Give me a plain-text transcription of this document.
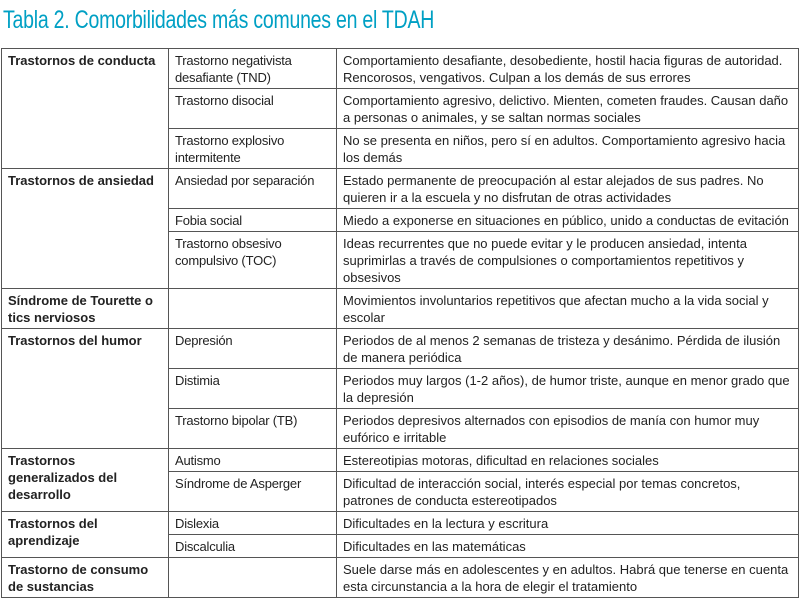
Tabla 2. Comorbilidades más comunes en el TDAH
Trastornos de conducta	Trastorno negativista desafiante (TND)	Comportamiento desafiante, desobediente, hostil hacia figuras de autoridad. Rencorosos, vengativos. Culpan a los demás de sus errores

	Trastorno disocial	Comportamiento agresivo, delictivo. Mienten, cometen fraudes. Causan daño a personas o animales, y se saltan normas sociales

	Trastorno explosivo intermitente	No se presenta en niños, pero sí en adultos. Comportamiento agresivo hacia los demás
Trastornos de ansiedad	Ansiedad por separación	Estado permanente de preocupación al estar alejados de sus padres. No quieren ir a la escuela y no disfrutan de otras actividades

	Fobia social	Miedo a exponerse en situaciones en público, unido a conductas de evitación

	Trastorno obsesivo compulsivo (TOC)	Ideas recurrentes que no puede evitar y le producen ansiedad, intenta suprimirlas a través de compulsiones o comportamientos repetitivos y obsesivos
Síndrome de Tourette o tics nerviosos		Movimientos involuntarios repetitivos que afectan mucho a la vida social y escolar
Trastornos del humor	Depresión	Periodos de al menos 2 semanas de tristeza y desánimo. Pérdida de ilusión de manera periódica

	Distimia	Periodos muy largos (1-2 años), de humor triste, aunque en menor grado que la depresión

	Trastorno bipolar (TB)	Periodos depresivos alternados con episodios de manía con humor muy eufórico e irritable
Trastornos generalizados del desarrollo	Autismo	Estereotipias motoras, dificultad en relaciones sociales

	Síndrome de Asperger	Dificultad de interacción social, interés especial por temas concretos, patrones de conducta estereotipados
Trastornos del aprendizaje	Dislexia	Dificultades en la lectura y escritura

	Discalculia	Dificultades en las matemáticas
Trastorno de consumo de sustancias		Suele darse más en adolescentes y en adultos. Habrá que tenerse en cuenta esta circunstancia a la hora de elegir el tratamiento
